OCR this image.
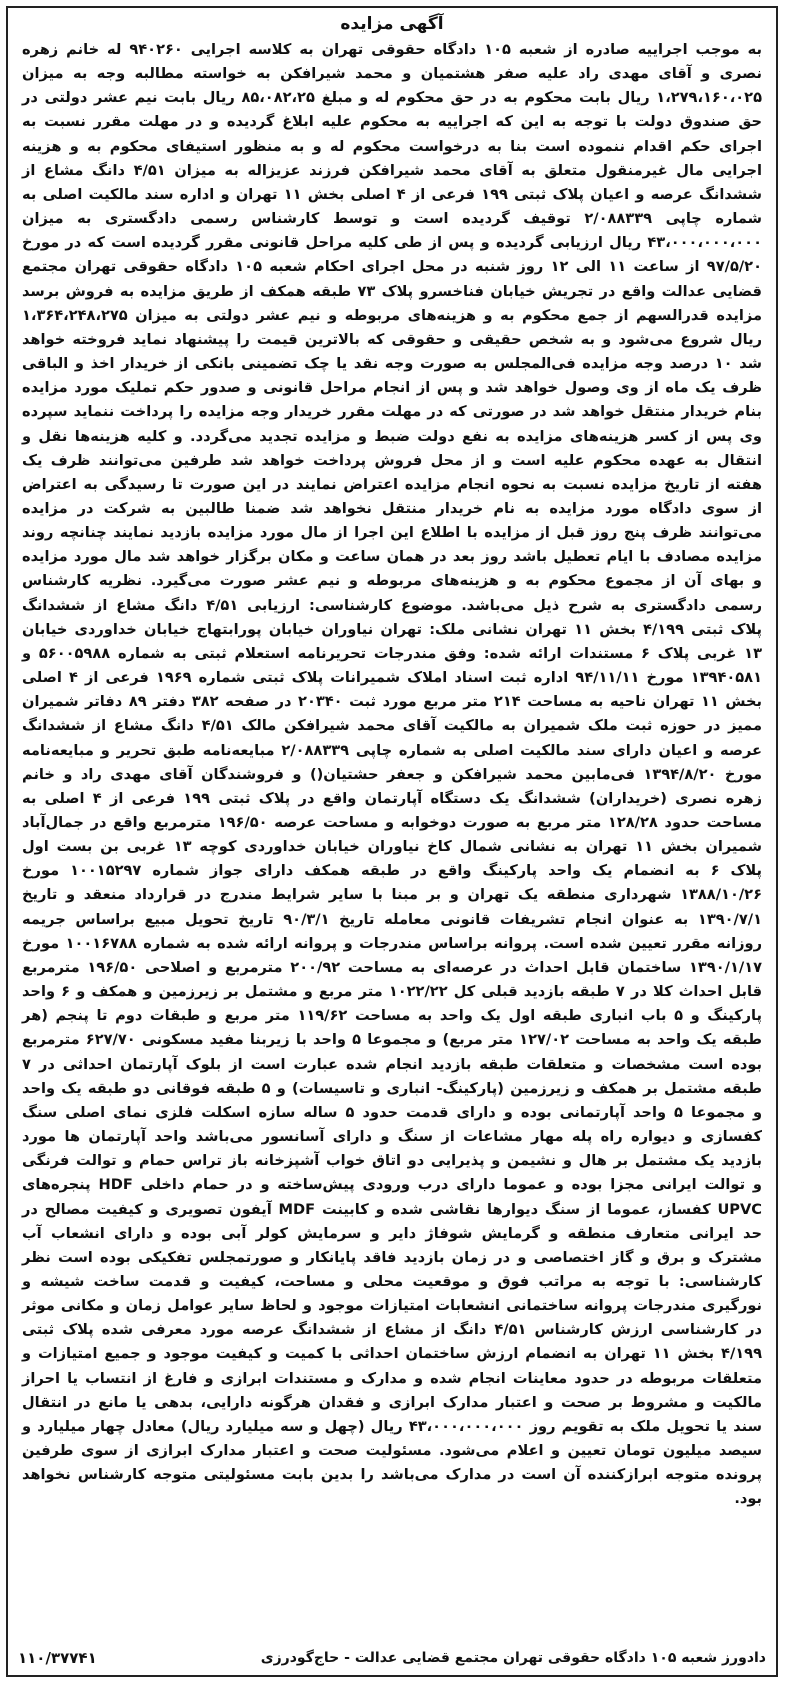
آگهی مزایده
به موجب اجراییه صادره از شعبه ۱۰۵ دادگاه حقوقی تهران به کلاسه اجرایی ۹۴۰۲۶۰ له خانم زهره نصری و آقای مهدی راد علیه صفر هشتمیان و محمد شیرافکن به خواسته مطالبه وجه به میزان ۱،۲۷۹،۱۶۰،۰۲۵ ریال بابت محکوم به در حق محکوم له و مبلغ ۸۵،۰۸۲،۲۵ ریال بابت نیم عشر دولتی در حق صندوق دولت با توجه به این که اجراییه به محکوم علیه ابلاغ گردیده و در مهلت مقرر نسبت به اجرای حکم اقدام ننموده است بنا به درخواست محکوم له و به منظور استیفای محکوم به و هزینه اجرایی مال غیرمنقول متعلق به آقای محمد شیرافکن فرزند عزیزاله به میزان ۴/۵۱ دانگ مشاع از ششدانگ عرصه و اعیان پلاک ثبتی ۱۹۹ فرعی از ۴ اصلی بخش ۱۱ تهران و اداره سند مالکیت اصلی به شماره چاپی ۲/۰۸۸۳۳۹ توقیف گردیده است و توسط کارشناس رسمی دادگستری به میزان ۴۳،۰۰۰،۰۰۰،۰۰۰ ریال ارزیابی گردیده و پس از طی کلیه مراحل قانونی مقرر گردیده است که در مورخ ۹۷/۵/۲۰ از ساعت ۱۱ الی ۱۲ روز شنبه در محل اجرای احکام شعبه ۱۰۵ دادگاه حقوقی تهران مجتمع قضایی عدالت واقع در تجریش خیابان فناخسرو پلاک ۷۳ طبقه همکف از طریق مزایده به فروش برسد مزایده قدرالسهم از جمع محکوم به و هزینه‌های مربوطه و نیم عشر دولتی به میزان ۱،۳۶۴،۲۴۸،۲۷۵ ریال شروع می‌شود و به شخص حقیقی و حقوقی که بالاترین قیمت را پیشنهاد نماید فروخته خواهد شد ۱۰ درصد وجه مزایده فی‌المجلس به صورت وجه نقد یا چک تضمینی بانکی از خریدار اخذ و الباقی ظرف یک ماه از وی وصول خواهد شد و پس از انجام مراحل قانونی و صدور حکم تملیک مورد مزایده بنام خریدار منتقل خواهد شد در صورتی که در مهلت مقرر خریدار وجه مزایده را پرداخت ننماید سپرده وی پس از کسر هزینه‌های مزایده به نفع دولت ضبط و مزایده تجدید می‌گردد. و کلیه هزینه‌ها نقل و انتقال به عهده محکوم علیه است و از محل فروش پرداخت خواهد شد طرفین می‌توانند ظرف یک هفته از تاریخ مزایده نسبت به نحوه انجام مزایده اعتراض نمایند در این صورت تا رسیدگی به اعتراض از سوی دادگاه مورد مزایده به نام خریدار منتقل نخواهد شد ضمنا طالبین به شرکت در مزایده می‌توانند ظرف پنج روز قبل از مزایده با اطلاع این اجرا از مال مورد مزایده بازدید نمایند چنانچه روند مزایده مصادف با ایام تعطیل باشد روز بعد در همان ساعت و مکان برگزار خواهد شد مال مورد مزایده و بهای آن از مجموع محکوم به و هزینه‌های مربوطه و نیم عشر صورت می‌گیرد. نظریه کارشناس رسمی دادگستری به شرح ذیل می‌باشد. موضوع کارشناسی: ارزیابی ۴/۵۱ دانگ مشاع از ششدانگ پلاک ثبتی ۴/۱۹۹ بخش ۱۱ تهران نشانی ملک: تهران نیاوران خیابان پورابتهاج خیابان خداوردی خیابان ۱۳ غربی پلاک ۶ مستندات ارائه شده: وفق مندرجات تحریرنامه استعلام ثبتی به شماره ۵۶۰۰۵۹۸۸ و ۱۳۹۴۰۵۸۱ مورخ ۹۴/۱۱/۱۱ اداره ثبت اسناد املاک شمیرانات پلاک ثبتی شماره ۱۹۶۹ فرعی از ۴ اصلی بخش ۱۱ تهران ناحیه به مساحت ۲۱۴ متر مربع مورد ثبت ۲۰۳۴۰ در صفحه ۳۸۲ دفتر ۸۹ دفاتر شمیران ممیز در حوزه ثبت ملک شمیران به مالکیت آقای محمد شیرافکن مالک ۴/۵۱ دانگ مشاع از ششدانگ عرصه و اعیان دارای سند مالکیت اصلی به شماره چاپی ۲/۰۸۸۳۳۹ مبایعه‌نامه طبق تحریر و مبایعه‌نامه مورخ ۱۳۹۴/۸/۲۰ فی‌مابین محمد شیرافکن و جعفر حشتیان() و فروشندگان آقای مهدی راد و خانم زهره نصری (خریداران) ششدانگ یک دستگاه آپارتمان واقع در پلاک ثبتی ۱۹۹ فرعی از ۴ اصلی به مساحت حدود ۱۲۸/۲۸ متر مربع به صورت دوخوابه و مساحت عرصه ۱۹۶/۵۰ مترمربع واقع در جمال‌آباد شمیران بخش ۱۱ تهران به نشانی شمال کاخ نیاوران خیابان خداوردی کوچه ۱۳ غربی بن بست اول پلاک ۶ به انضمام یک واحد پارکینگ واقع در طبقه همکف دارای جواز شماره ۱۰۰۱۵۲۹۷ مورخ ۱۳۸۸/۱۰/۲۶ شهرداری منطقه یک تهران و بر مبنا با سایر شرایط مندرج در قرارداد منعقد و تاریخ ۱۳۹۰/۷/۱ به عنوان انجام تشریفات قانونی معامله تاریخ ۹۰/۳/۱ تاریخ تحویل مبیع براساس جریمه روزانه مقرر تعیین شده است. پروانه براساس مندرجات و پروانه ارائه شده به شماره ۱۰۰۱۶۷۸۸ مورخ ۱۳۹۰/۱/۱۷ ساختمان قابل احداث در عرصه‌ای به مساحت ۲۰۰/۹۲ مترمربع و اصلاحی ۱۹۶/۵۰ مترمربع قابل احداث کلا در ۷ طبقه بازدید قبلی کل ۱۰۲۲/۲۲ متر مربع و مشتمل بر زیرزمین و همکف و ۶ واحد پارکینگ و ۵ باب انباری طبقه اول یک واحد به مساحت ۱۱۹/۶۲ متر مربع و طبقات دوم تا پنجم (هر طبقه یک واحد به مساحت ۱۲۷/۰۲ متر مربع) و مجموعا ۵ واحد با زیربنا مفید مسکونی ۶۲۷/۷۰ مترمربع بوده است مشخصات و متعلقات طبقه بازدید انجام شده عبارت است از بلوک آپارتمان احداثی در ۷ طبقه مشتمل بر همکف و زیرزمین (پارکینگ- انباری و تاسیسات) و ۵ طبقه فوقانی دو طبقه یک واحد و مجموعا ۵ واحد آپارتمانی بوده و دارای قدمت حدود ۵ ساله سازه اسکلت فلزی نمای اصلی سنگ کفسازی و دیواره راه پله مهار مشاعات از سنگ و دارای آسانسور می‌باشد واحد آپارتمان ها مورد بازدید یک مشتمل بر هال و نشیمن و پذیرایی دو اتاق خواب آشپزخانه باز تراس حمام و توالت فرنگی و توالت ایرانی مجزا بوده و عموما دارای درب ورودی پیش‌ساخته و در حمام داخلی HDF پنجره‌های UPVC کفساز، عموما از سنگ دیوارها نقاشی شده و کابینت MDF آیفون تصویری و کیفیت مصالح در حد ایرانی متعارف منطقه و گرمایش شوفاژ دایر و سرمایش کولر آبی بوده و دارای انشعاب آب مشترک و برق و گاز اختصاصی و در زمان بازدید فاقد پایانکار و صورتمجلس تفکیکی بوده است نظر کارشناسی: با توجه به مراتب فوق و موقعیت محلی و مساحت، کیفیت و قدمت ساخت شیشه و نورگیری مندرجات پروانه ساختمانی انشعابات امتیازات موجود و لحاظ سایر عوامل زمان و مکانی موثر در کارشناسی ارزش کارشناس ۴/۵۱ دانگ از مشاع از ششدانگ عرصه مورد معرفی شده پلاک ثبتی ۴/۱۹۹ بخش ۱۱ تهران به انضمام ارزش ساختمان احداثی با کمیت و کیفیت موجود و جمیع امتیازات و متعلقات مربوطه در حدود معاینات انجام شده و مدارک و مستندات ابرازی و فارغ از انتساب یا احراز مالکیت و مشروط بر صحت و اعتبار مدارک ابرازی و فقدان هرگونه دارایی، بدهی یا مانع در انتقال سند یا تحویل ملک به تقویم روز ۴۳،۰۰۰،۰۰۰،۰۰۰ ریال (چهل و سه میلیارد ریال) معادل چهار میلیارد و سیصد میلیون تومان تعیین و اعلام می‌شود. مسئولیت صحت و اعتبار مدارک ابرازی از سوی طرفین پرونده متوجه ابرازکننده آن است در مدارک می‌باشد را بدین بابت مسئولیتی متوجه کارشناس نخواهد بود.
دادورز شعبه ۱۰۵ دادگاه حقوقی تهران مجتمع قضایی عدالت - حاج‌گودرزی
۱۱۰/۳۷۷۴۱
